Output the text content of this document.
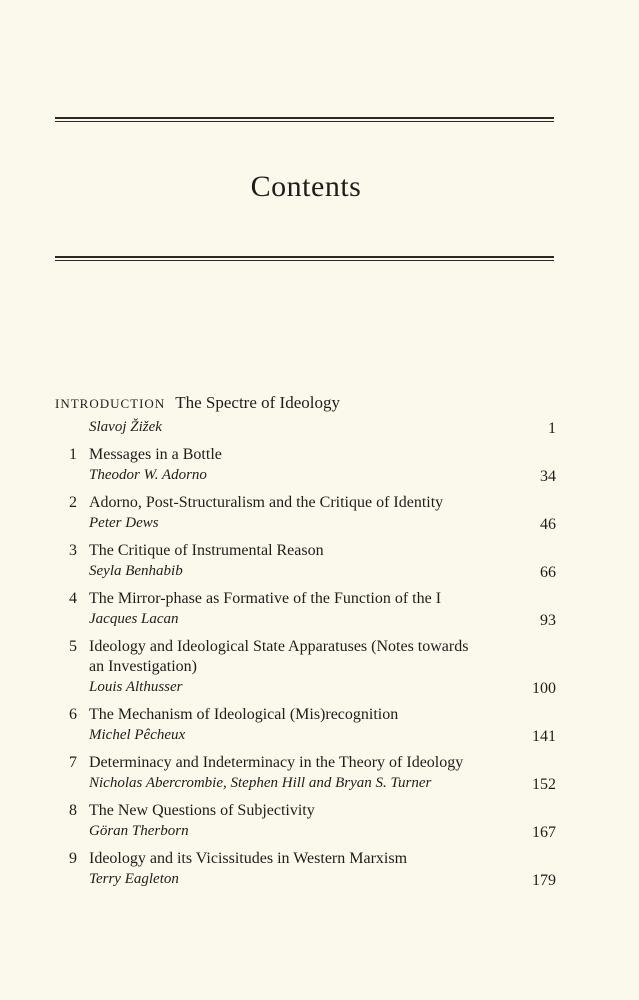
Contents
INTRODUCTION The Spectre of Ideology
Slavoj Žižek	1
1 Messages in a Bottle
Theodor W. Adorno	34
2 Adorno, Post-Structuralism and the Critique of Identity
Peter Dews	46
3 The Critique of Instrumental Reason
Seyla Benhabib	66
4 The Mirror-phase as Formative of the Function of the I
Jacques Lacan	93
5 Ideology and Ideological State Apparatuses (Notes towards an Investigation)
Louis Althusser	100
6 The Mechanism of Ideological (Mis)recognition
Michel Pêcheux	141
7 Determinacy and Indeterminacy in the Theory of Ideology
Nicholas Abercrombie, Stephen Hill and Bryan S. Turner	152
8 The New Questions of Subjectivity
Göran Therborn	167
9 Ideology and its Vicissitudes in Western Marxism
Terry Eagleton	179
